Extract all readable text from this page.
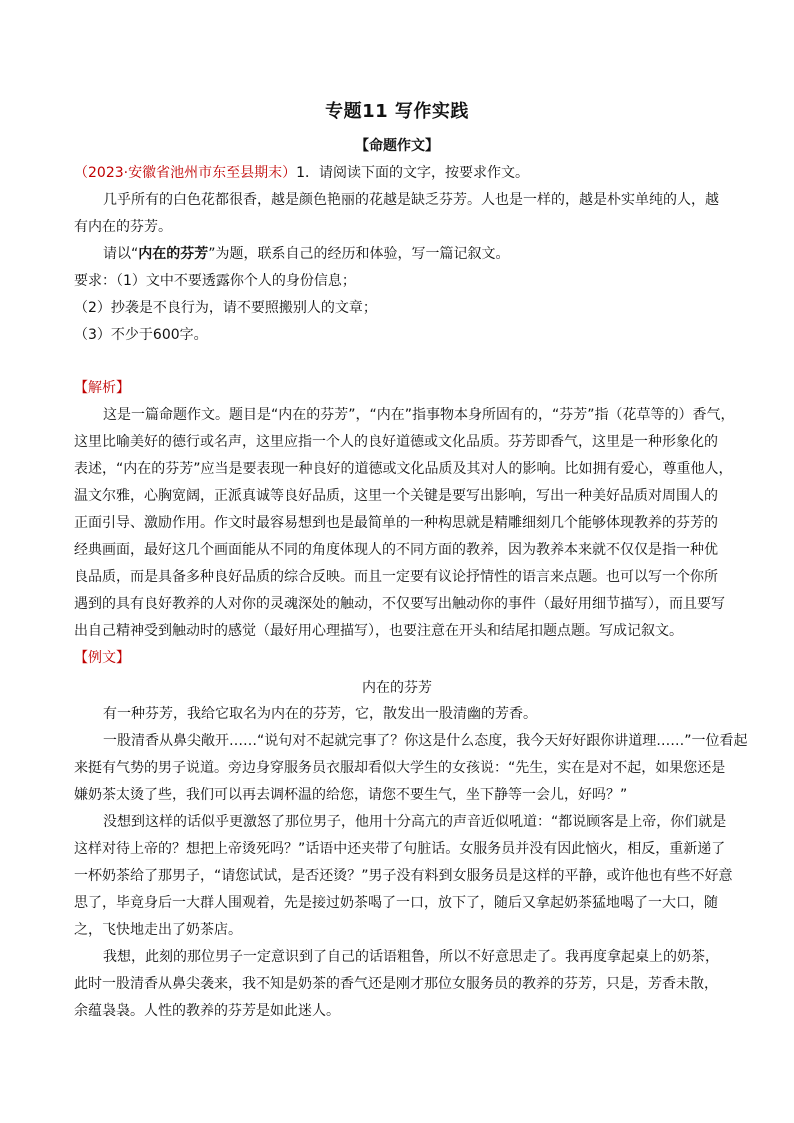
专题11 写作实践
【命题作文】
（2023·安徽省池州市东至县期末）1．请阅读下面的文字，按要求作文。
几乎所有的白色花都很香，越是颜色艳丽的花越是缺乏芬芳。人也是一样的，越是朴实单纯的人，越
有内在的芬芳。
请以“内在的芬芳”为题，联系自己的经历和体验，写一篇记叙文。
要求：（1）文中不要透露你个人的身份信息；
（2）抄袭是不良行为，请不要照搬别人的文章；
（3）不少于600字。
【解析】
这是一篇命题作文。题目是“内在的芬芳”，“内在”指事物本身所固有的，“芬芳”指（花草等的）香气，
这里比喻美好的德行或名声，这里应指一个人的良好道德或文化品质。芬芳即香气，这里是一种形象化的
表述，“内在的芬芳”应当是要表现一种良好的道德或文化品质及其对人的影响。比如拥有爱心，尊重他人，
温文尔雅，心胸宽阔，正派真诚等良好品质，这里一个关键是要写出影响，写出一种美好品质对周围人的
正面引导、激励作用。作文时最容易想到也是最简单的一种构思就是精雕细刻几个能够体现教养的芬芳的
经典画面，最好这几个画面能从不同的角度体现人的不同方面的教养，因为教养本来就不仅仅是指一种优
良品质，而是具备多种良好品质的综合反映。而且一定要有议论抒情性的语言来点题。也可以写一个你所
遇到的具有良好教养的人对你的灵魂深处的触动，不仅要写出触动你的事件（最好用细节描写），而且要写
出自己精神受到触动时的感觉（最好用心理描写），也要注意在开头和结尾扣题点题。写成记叙文。
【例文】
内在的芬芳
有一种芬芳，我给它取名为内在的芬芳，它，散发出一股清幽的芳香。
一股清香从鼻尖敞开……“说句对不起就完事了？你这是什么态度，我今天好好跟你讲道理……”一位看起
来挺有气势的男子说道。旁边身穿服务员衣服却看似大学生的女孩说：“先生，实在是对不起，如果您还是
嫌奶茶太烫了些，我们可以再去调杯温的给您，请您不要生气，坐下静等一会儿，好吗？”
没想到这样的话似乎更激怒了那位男子，他用十分高亢的声音近似吼道：“都说顾客是上帝，你们就是
这样对待上帝的？想把上帝烫死吗？”话语中还夹带了句脏话。女服务员并没有因此恼火，相反，重新递了
一杯奶茶给了那男子，“请您试试，是否还烫？”男子没有料到女服务员是这样的平静，或许他也有些不好意
思了，毕竟身后一大群人围观着，先是接过奶茶喝了一口，放下了，随后又拿起奶茶猛地喝了一大口，随
之，飞快地走出了奶茶店。
我想，此刻的那位男子一定意识到了自己的话语粗鲁，所以不好意思走了。我再度拿起桌上的奶茶，
此时一股清香从鼻尖袭来，我不知是奶茶的香气还是刚才那位女服务员的教养的芬芳，只是，芳香未散，
余蕴袅袅。人性的教养的芬芳是如此迷人。
